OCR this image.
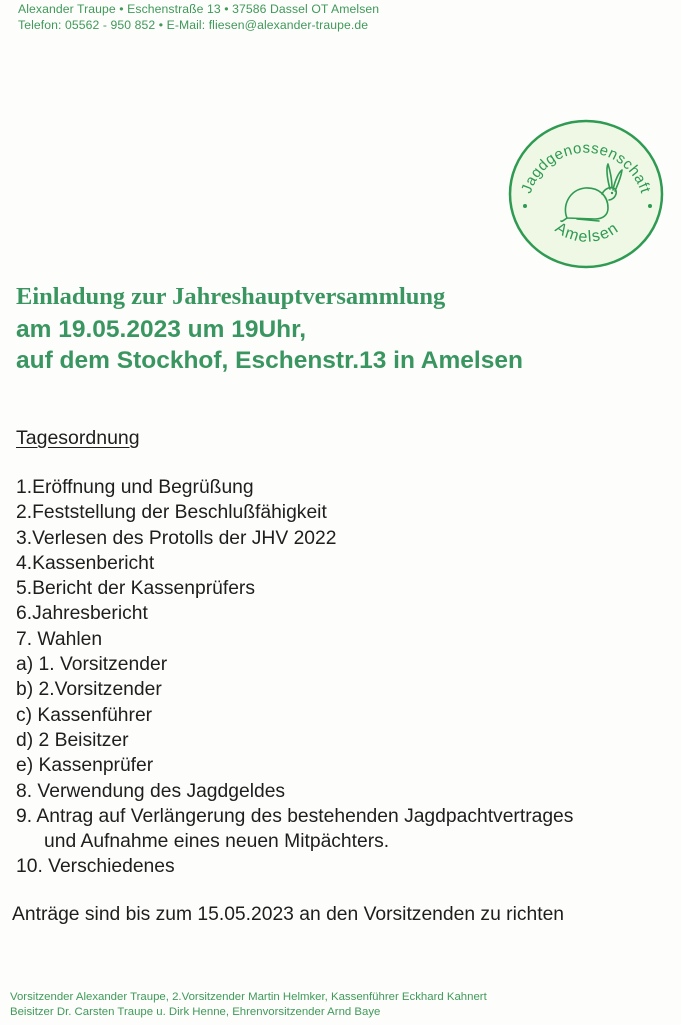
Alexander Traupe • Eschenstraße 13 • 37586 Dassel OT Amelsen
Telefon: 05562 - 950 852 • E-Mail: fliesen@alexander-traupe.de
Jagdgenossenschaft
Amelsen
Einladung zur Jahreshauptversammlung
am 19.05.2023 um 19Uhr,
auf dem Stockhof, Eschenstr.13 in Amelsen
Tagesordnung
1.Eröffnung und Begrüßung
2.Feststellung der Beschlußfähigkeit
3.Verlesen des Protolls der JHV 2022
4.Kassenbericht
5.Bericht der Kassenprüfers
6.Jahresbericht
7. Wahlen
a) 1. Vorsitzender
b) 2.Vorsitzender
c) Kassenführer
d) 2 Beisitzer
e) Kassenprüfer
8. Verwendung des Jagdgeldes
9. Antrag auf Verlängerung des bestehenden Jagdpachtvertrages
und Aufnahme eines neuen Mitpächters.
10. Verschiedenes
Anträge sind bis zum 15.05.2023 an den Vorsitzenden zu richten
Vorsitzender Alexander Traupe, 2.Vorsitzender Martin Helmker, Kassenführer Eckhard Kahnert
Beisitzer Dr. Carsten Traupe u. Dirk Henne, Ehrenvorsitzender Arnd Baye
